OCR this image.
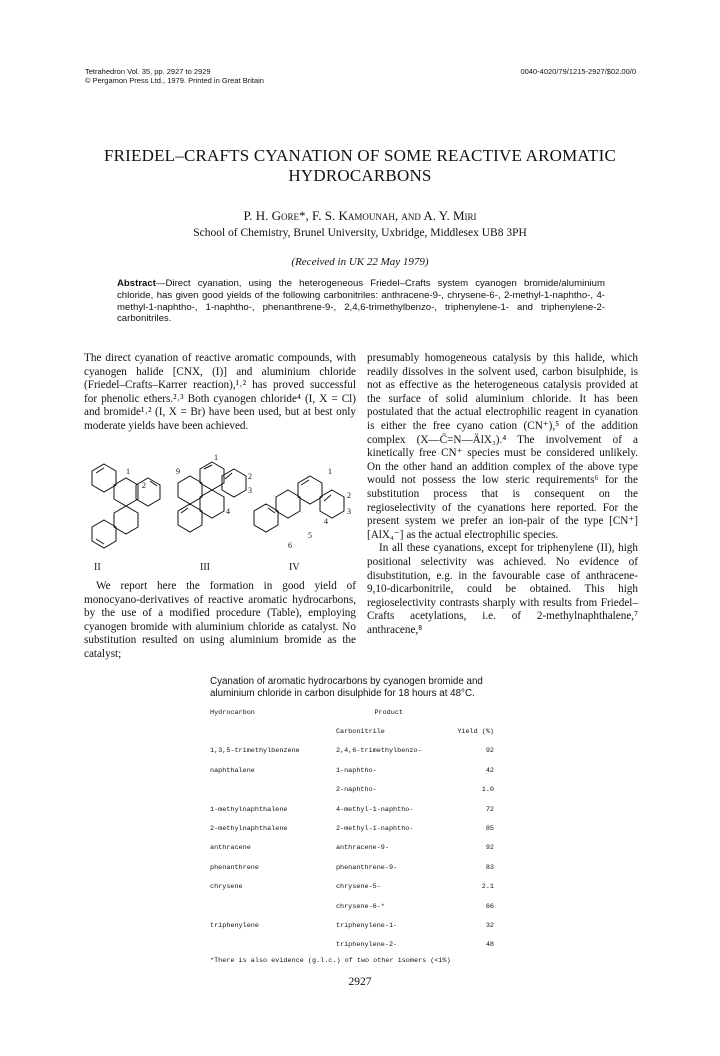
Tetrahedron Vol. 35, pp. 2927 to 2929
© Pergamon Press Ltd., 1979. Printed in Great Britain
0040-4020/79/1215-2927/$02.00/0
FRIEDEL–CRAFTS CYANATION OF SOME REACTIVE AROMATIC
HYDROCARBONS
P. H. Gore*, F. S. Kamounah, and A. Y. Miri
School of Chemistry, Brunel University, Uxbridge, Middlesex UB8 3PH
(Received in UK 22 May 1979)
Abstract—Direct cyanation, using the heterogeneous Friedel–Crafts system cyanogen bromide/aluminium chloride, has given good yields of the following carbonitriles: anthracene-9-, chrysene-6-, 2-methyl-1-naphtho-, 4-methyl-1-naphtho-, 1-naphtho-, phenanthrene-9-, 2,4,6-trimethylbenzo-, triphenylene-1- and triphenylene-2-carbonitriles.

The direct cyanation of reactive aromatic compounds, with cyanogen halide [CNX, (I)] and aluminium chloride (Friedel–Crafts–Karrer reaction),¹˒² has proved successful for phenolic ethers.²˒³ Both cyanogen chloride⁴ (I, X = Cl) and bromide¹˒² (I, X = Br) have been used, but at best only moderate yields have been achieved.

1
2
1
2
3
9
4
1
2
3
4
5
6
II	III	IV

We report here the formation in good yield of monocyano-derivatives of reactive aromatic hydrocarbons, by the use of a modified procedure (Table), employing cyanogen bromide with aluminium chloride as catalyst. No substitution resulted on using aluminium bromide as the catalyst;

presumably homogeneous catalysis by this halide, which readily dissolves in the solvent used, carbon bisulphide, is not as effective as the heterogeneous catalysis provided at the surface of solid aluminium chloride. It has been postulated that the actual electrophilic reagent in cyanation is either the free cyano cation (CN⁺),⁵ of the addition complex (X—C̈=N—ÄlX₃).⁴ The involvement of a kinetically free CN⁺ species must be considered unlikely. On the other hand an addition complex of the above type would not possess the low steric requirements⁶ for the substitution process that is consequent on the regioselectivity of the cyanations here reported. For the present system we prefer an ion-pair of the type [CN⁺] [AlX₄⁻] as the actual electrophilic species.

In all these cyanations, except for triphenylene (II), high positional selectivity was achieved. No evidence of disubstitution, e.g. in the favourable case of anthracene-9,10-dicarbonitrile, could be obtained. This high regioselectivity contrasts sharply with results from Friedel–Crafts acetylations, i.e. of 2-methylnaphthalene,⁷ anthracene,⁸

Cyanation of aromatic hydrocarbons by cyanogen bromide and aluminium chloride in carbon disulphide for 18 hours at 48°C.
Hydrocarbon	Product	
	Carbonitrile	Yield (%)
1,3,5-trimethylbenzene	2,4,6-trimethylbenzo-	92
naphthalene	1-naphtho-	42
	2-naphtho-	1.0
1-methylnaphthalene	4-methyl-1-naphtho-	72
2-methylnaphthalene	2-methyl-1-naphtho-	85
anthracene	anthracene-9-	92
phenanthrene	phenanthrene-9-	83
chrysene	chrysene-5-	2.1
	chrysene-6-*	66
triphenylene	triphenylene-1-	32
	triphenylene-2-	48
*There is also evidence (g.l.c.) of two other isomers (<1%)
2927
